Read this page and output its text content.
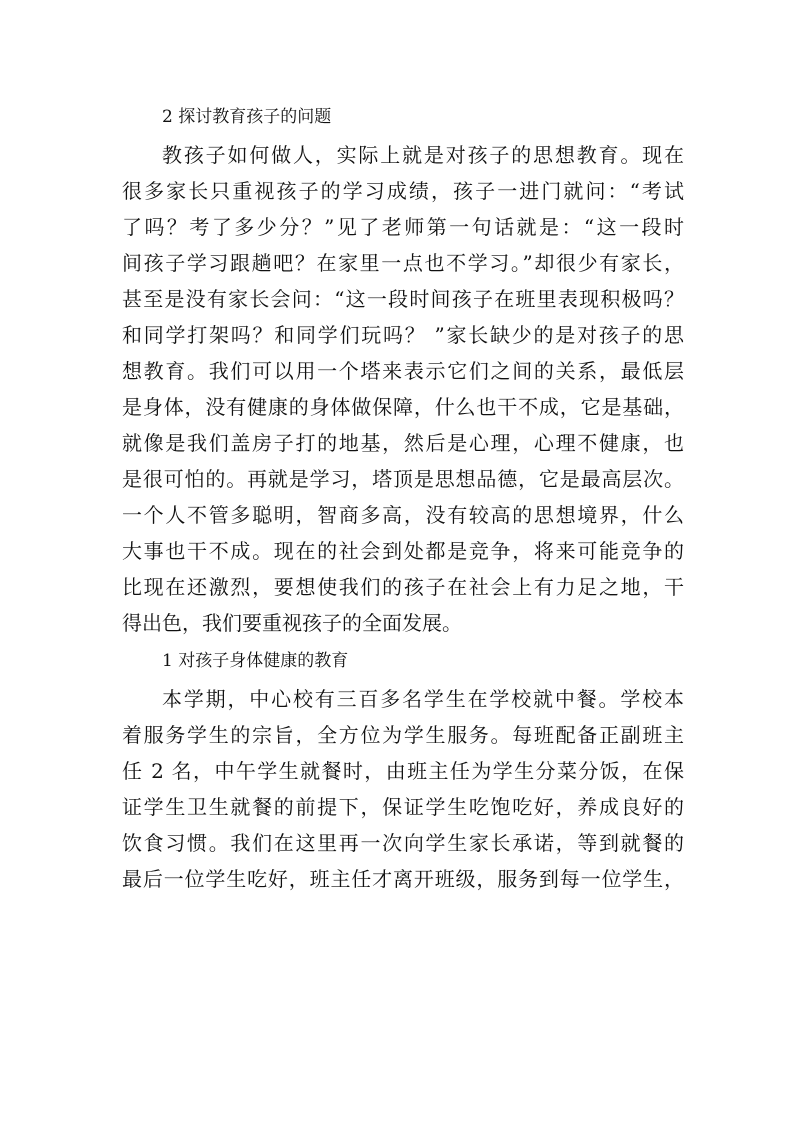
2 探讨教育孩子的问题
教孩子如何做人，实际上就是对孩子的思想教育。现在
很多家长只重视孩子的学习成绩，孩子一进门就问：“考试
了吗？考了多少分？”见了老师第一句话就是：“这一段时
间孩子学习跟趟吧？在家里一点也不学习。”却很少有家长，
甚至是没有家长会问：“这一段时间孩子在班里表现积极吗？
和同学打架吗？和同学们玩吗？ ”家长缺少的是对孩子的思
想教育。我们可以用一个塔来表示它们之间的关系，最低层
是身体，没有健康的身体做保障，什么也干不成，它是基础，
就像是我们盖房子打的地基，然后是心理，心理不健康，也
是很可怕的。再就是学习，塔顶是思想品德，它是最高层次。
一个人不管多聪明，智商多高，没有较高的思想境界，什么
大事也干不成。现在的社会到处都是竞争，将来可能竞争的
比现在还激烈，要想使我们的孩子在社会上有力足之地，干
得出色，我们要重视孩子的全面发展。
1 对孩子身体健康的教育
本学期，中心校有三百多名学生在学校就中餐。学校本
着服务学生的宗旨，全方位为学生服务。每班配备正副班主
任 2 名，中午学生就餐时，由班主任为学生分菜分饭，在保
证学生卫生就餐的前提下，保证学生吃饱吃好，养成良好的
饮食习惯。我们在这里再一次向学生家长承诺，等到就餐的
最后一位学生吃好，班主任才离开班级，服务到每一位学生，
